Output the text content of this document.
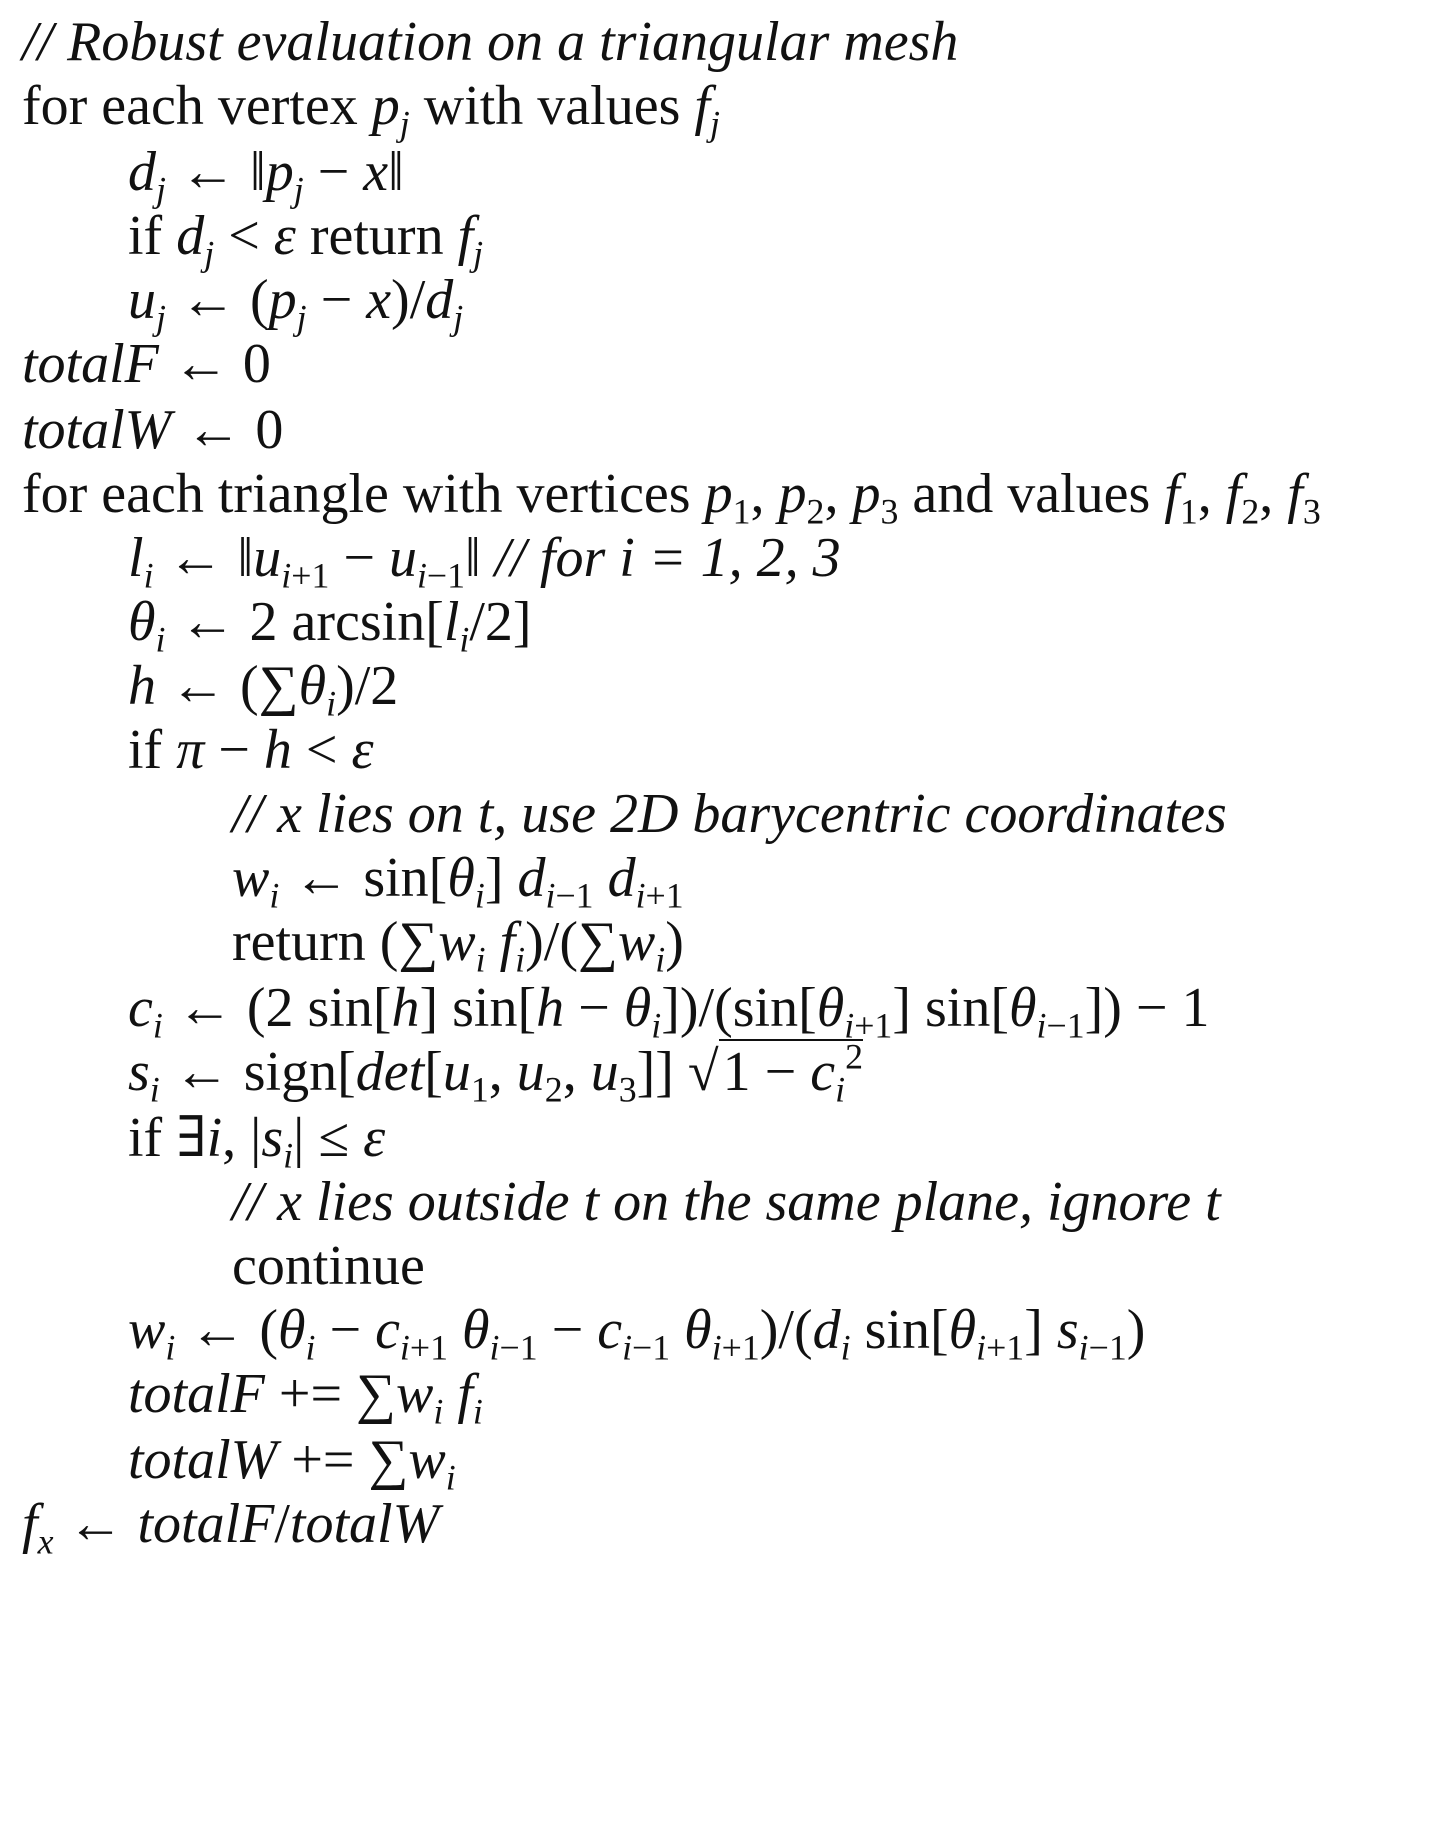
// Robust evaluation on a triangular mesh
for each vertex $p_j$ with values $f_j$
$d_j$ ← $‖p_j$ − x‖
if $d_j < \varepsilon$ return $f_j$
$u_j$ ← $(p_j - x)/d_j$
totalF ← 0
totalW ← 0
for each triangle with vertices $p_1$, $p_2$, $p_3$ and values $f_1$, $f_2$, $f_3$
$l_i$ ← $‖u_{i+1}$ − $u_{i-1}‖$ // for i = 1, 2, 3
$\theta_i$ ← 2 $\arcsin[l_i/2]$
h ← $(\sum\theta_i)/2$
if π − h < ε
// x lies on t, use 2D barycentric coordinates
$w_i$ ← $\sin[\theta_i]$ $d_{i-1}$ $d_{i+1}$
return ($\sum w_i$ $f_i)/(\sum w_i)$
$c_i$ ← (2 sin[h] $\sin[h - \theta_i])/(\sin[\theta_{i+1}]$ $\sin[\theta_{i-1}]) - 1$
$s_i$ ← $sign[\det[u_1$, $u_2$, $u_3$]] $√1 - c_i^2$
if ∃i, $|s_i| \le \varepsilon$
// x lies outside t on the same plane, ignore t
continue
$w_i$ ← ($\theta_i - c_{i+1}$ $\theta_{i-1} - c_{i-1}$ $\theta_{i+1})/(d_i$ $\sin[\theta_{i+1}]$ $s_{i-1}$)
totalF += $\sum w_i$ $f_i$
totalW += $\sum w_i$
$f_x$ ← totalF/totalW
